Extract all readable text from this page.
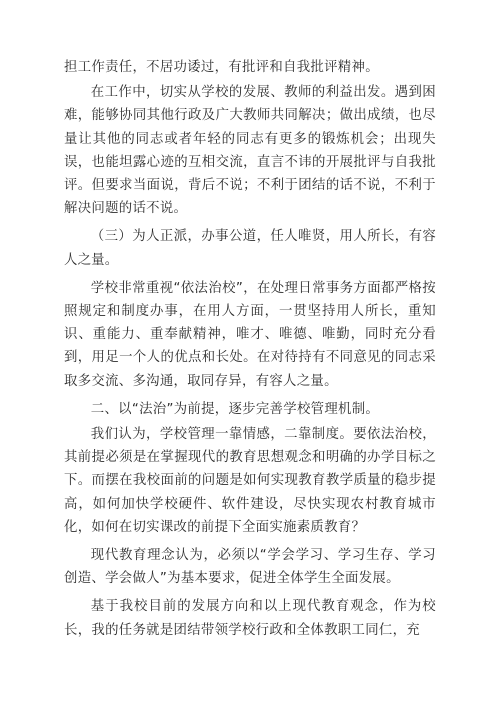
担工作责任，不居功诿过，有批评和自我批评精神。

在工作中，切实从学校的发展、教师的利益出发。遇到困难，能够协同其他行政及广大教师共同解决；做出成绩，也尽量让其他的同志或者年轻的同志有更多的锻炼机会；出现失误，也能坦露心迹的互相交流，直言不讳的开展批评与自我批评。但要求当面说，背后不说；不利于团结的话不说，不利于解决问题的话不说。

（三）为人正派，办事公道，任人唯贤，用人所长，有容人之量。

学校非常重视“依法治校”，在处理日常事务方面都严格按照规定和制度办事，在用人方面，一贯坚持用人所长，重知识、重能力、重奉献精神，唯才、唯德、唯勤，同时充分看到，用足一个人的优点和长处。在对待持有不同意见的同志采取多交流、多沟通，取同存异，有容人之量。

二、以“法治”为前提，逐步完善学校管理机制。

我们认为，学校管理一靠情感，二靠制度。要依法治校，其前提必须是在掌握现代的教育思想观念和明确的办学目标之下。而摆在我校面前的问题是如何实现教育教学质量的稳步提高，如何加快学校硬件、软件建设，尽快实现农村教育城市化，如何在切实课改的前提下全面实施素质教育？

现代教育理念认为，必须以“学会学习、学习生存、学习创造、学会做人”为基本要求，促进全体学生全面发展。

基于我校目前的发展方向和以上现代教育观念，作为校长，我的任务就是团结带领学校行政和全体教职工同仁，充
